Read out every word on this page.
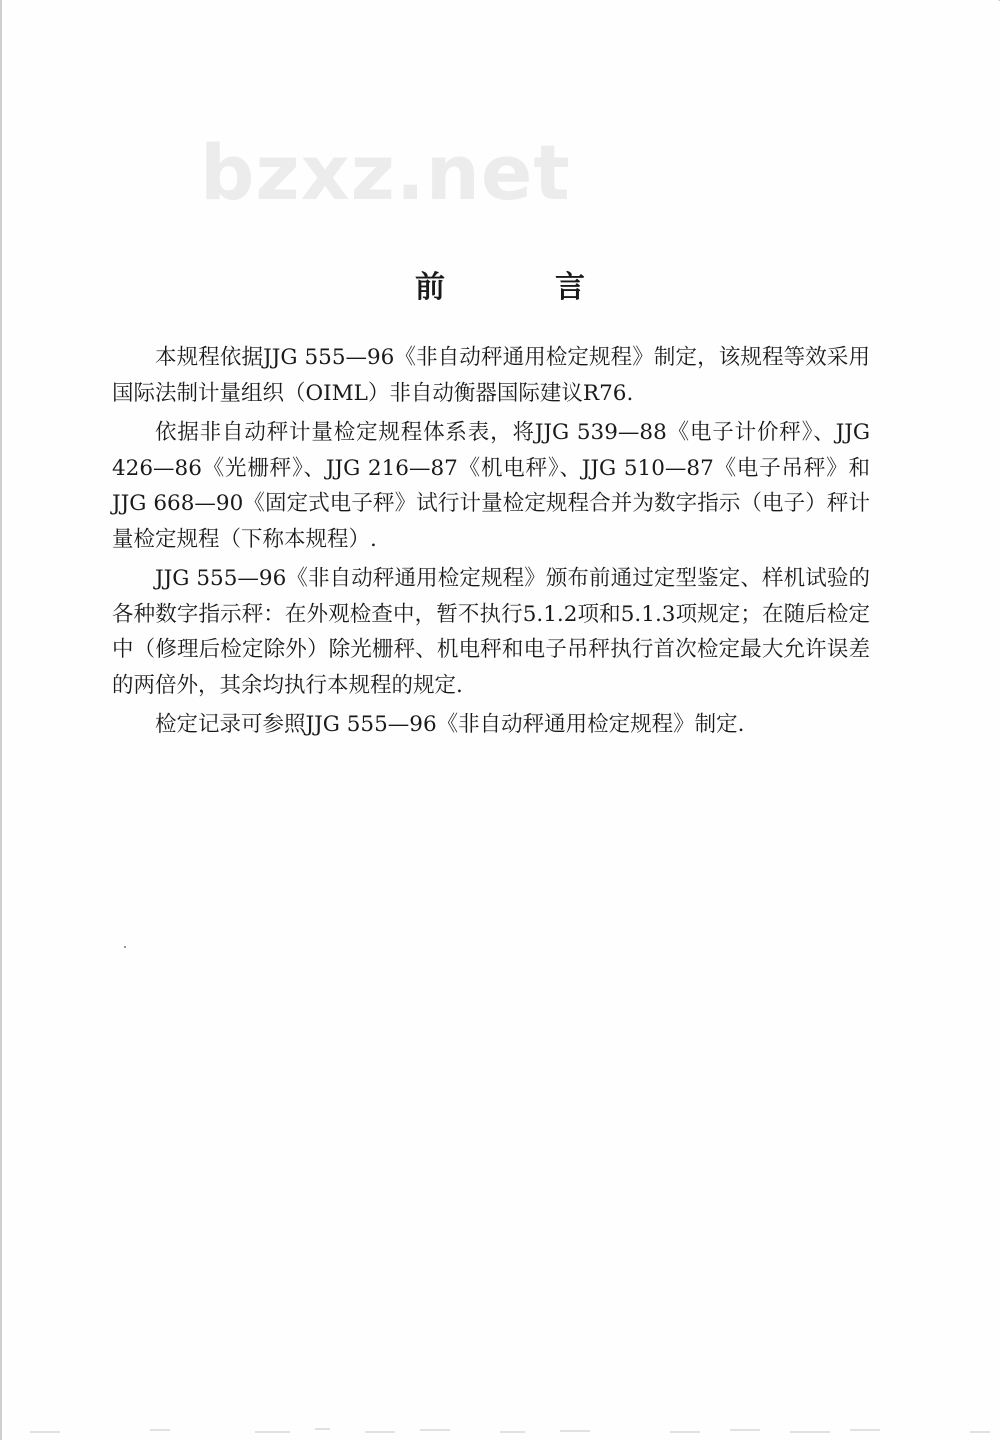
bzxz.net
前	言

本规程依据JJG 555—96《非自动秤通用检定规程》制定，该规程等效采用国际法制计量组织（OIML）非自动衡器国际建议R76.

依据非自动秤计量检定规程体系表，将JJG 539—88《电子计价秤》、JJG 426—86《光栅秤》、JJG 216—87《机电秤》、JJG 510—87《电子吊秤》和JJG 668—90《固定式电子秤》试行计量检定规程合并为数字指示（电子）秤计量检定规程（下称本规程）.

JJG 555—96《非自动秤通用检定规程》颁布前通过定型鉴定、样机试验的各种数字指示秤：在外观检查中，暂不执行5.1.2项和5.1.3项规定；在随后检定中（修理后检定除外）除光栅秤、机电秤和电子吊秤执行首次检定最大允许误差的两倍外，其余均执行本规程的规定.

检定记录可参照JJG 555—96《非自动秤通用检定规程》制定.
